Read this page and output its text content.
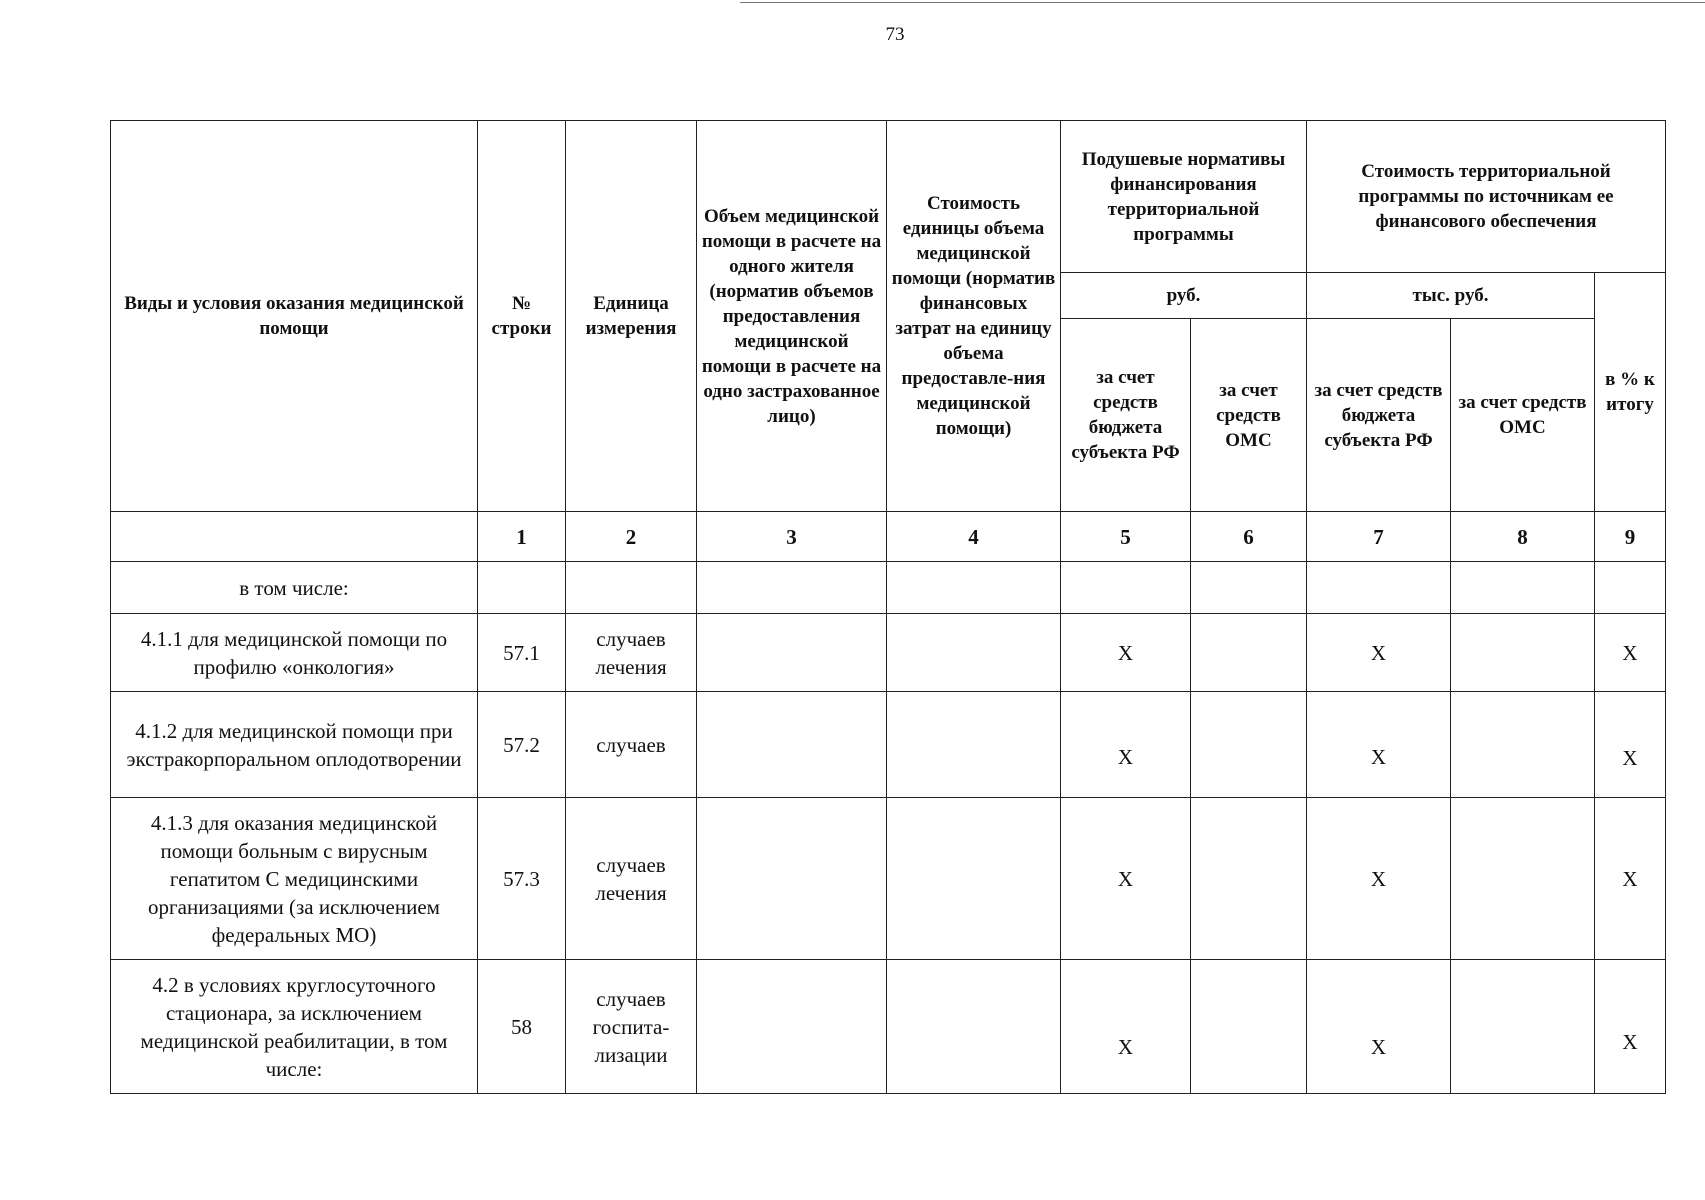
73
Виды и условия оказания медицинской помощи	№ строки	Единица измерения	Объем медицинской помощи в расчете на одного жителя (норматив объемов предоставления медицинской помощи в расчете на одно застрахованное лицо)	Стоимость единицы объема медицинской помощи (норматив финансовых затрат на единицу объема предоставле-ния медицинской помощи)	Подушевые нормативы финансирования территориальной программы		Стоимость территориальной программы по источникам ее финансового обеспечения		
					руб.		тыс. руб.		в % к итогу
					за счет средств бюджета субъекта РФ	за счет средств ОМС	за счет средств бюджета субъекта РФ	за счет средств ОМС	
	1	2	3	4	5	6	7	8	9
в том числе:									
4.1.1 для медицинской помощи по профилю «онкология»	57.1	случаев лечения			X		X		X
4.1.2 для медицинской помощи при экстракорпоральном оплодотворении	57.2	случаев			X		X		X
4.1.3 для оказания медицинской помощи больным с вирусным гепатитом С медицинскими организациями (за исключением федеральных МО)	57.3	случаев лечения			X		X		X
4.2 в условиях круглосуточного стационара, за исключением медицинской реабилитации, в том числе:	58	случаев госпита-лизации			X		X		X
